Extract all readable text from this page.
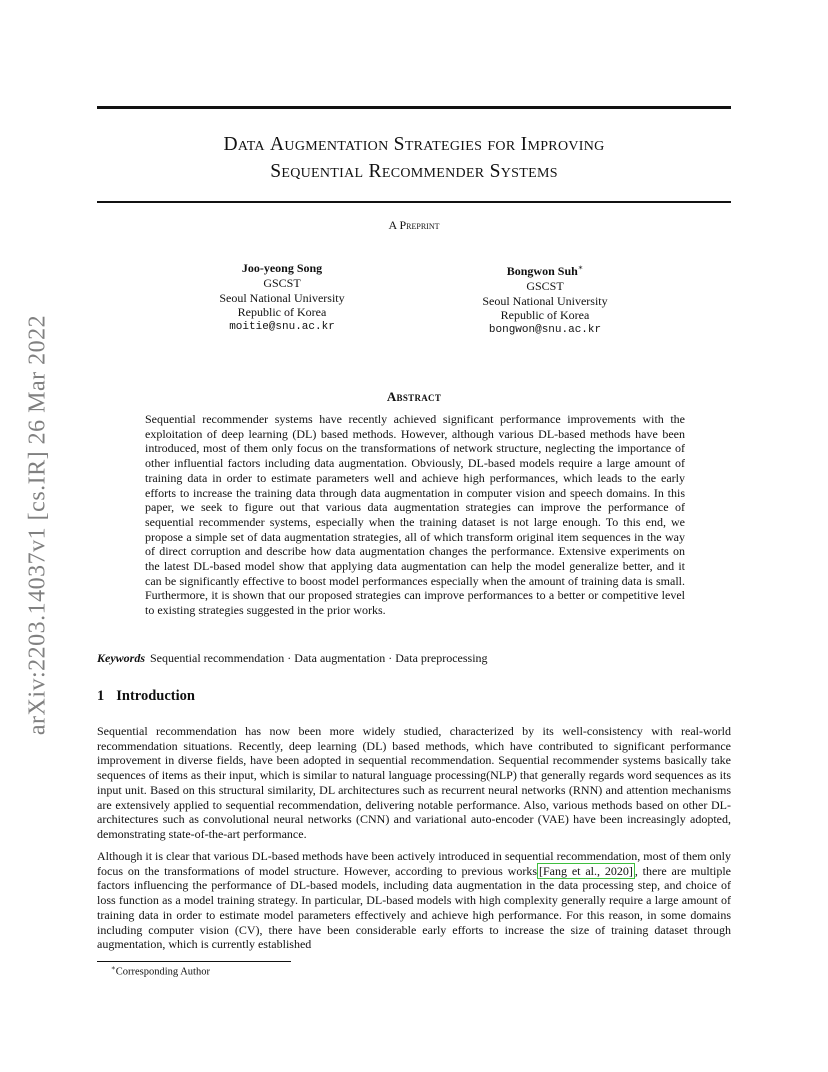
Data Augmentation Strategies for Improving
Sequential Recommender Systems
A Preprint
Joo-yeong Song
GSCST
Seoul National University
Republic of Korea
moitie@snu.ac.kr
Bongwon Suh∗
GSCST
Seoul National University
Republic of Korea
bongwon@snu.ac.kr
Abstract
Sequential recommender systems have recently achieved significant performance improvements with the exploitation of deep learning (DL) based methods. However, although various DL-based methods have been introduced, most of them only focus on the transformations of network structure, neglecting the importance of other influential factors including data augmentation. Obviously, DL-based models require a large amount of training data in order to estimate parameters well and achieve high performances, which leads to the early efforts to increase the training data through data augmentation in computer vision and speech domains. In this paper, we seek to figure out that various data augmentation strategies can improve the performance of sequential recommender systems, especially when the training dataset is not large enough. To this end, we propose a simple set of data augmentation strategies, all of which transform original item sequences in the way of direct corruption and describe how data augmentation changes the performance. Extensive experiments on the latest DL-based model show that applying data augmentation can help the model generalize better, and it can be significantly effective to boost model performances especially when the amount of training data is small. Furthermore, it is shown that our proposed strategies can improve performances to a better or competitive level to existing strategies suggested in the prior works.
Keywords Sequential recommendation · Data augmentation · Data preprocessing
1 Introduction
Sequential recommendation has now been more widely studied, characterized by its well-consistency with real-world recommendation situations. Recently, deep learning (DL) based methods, which have contributed to significant performance improvement in diverse fields, have been adopted in sequential recommendation. Sequential recommender systems basically take sequences of items as their input, which is similar to natural language processing(NLP) that generally regards word sequences as its input unit. Based on this structural similarity, DL architectures such as recurrent neural networks (RNN) and attention mechanisms are extensively applied to sequential recommendation, delivering notable performance. Also, various methods based on other DL-architectures such as convolutional neural networks (CNN) and variational auto-encoder (VAE) have been increasingly adopted, demonstrating state-of-the-art performance.
Although it is clear that various DL-based methods have been actively introduced in sequential recommendation, most of them only focus on the transformations of model structure. However, according to previous works [Fang et al., 2020] , there are multiple factors influencing the performance of DL-based models, including data augmentation in the data processing step, and choice of loss function as a model training strategy. In particular, DL-based models with high complexity generally require a large amount of training data in order to estimate model parameters effectively and achieve high performance. For this reason, in some domains including computer vision (CV), there have been considerable early efforts to increase the size of training dataset through augmentation, which is currently established
∗Corresponding Author
arXiv:2203.14037v1 [cs.IR] 26 Mar 2022
